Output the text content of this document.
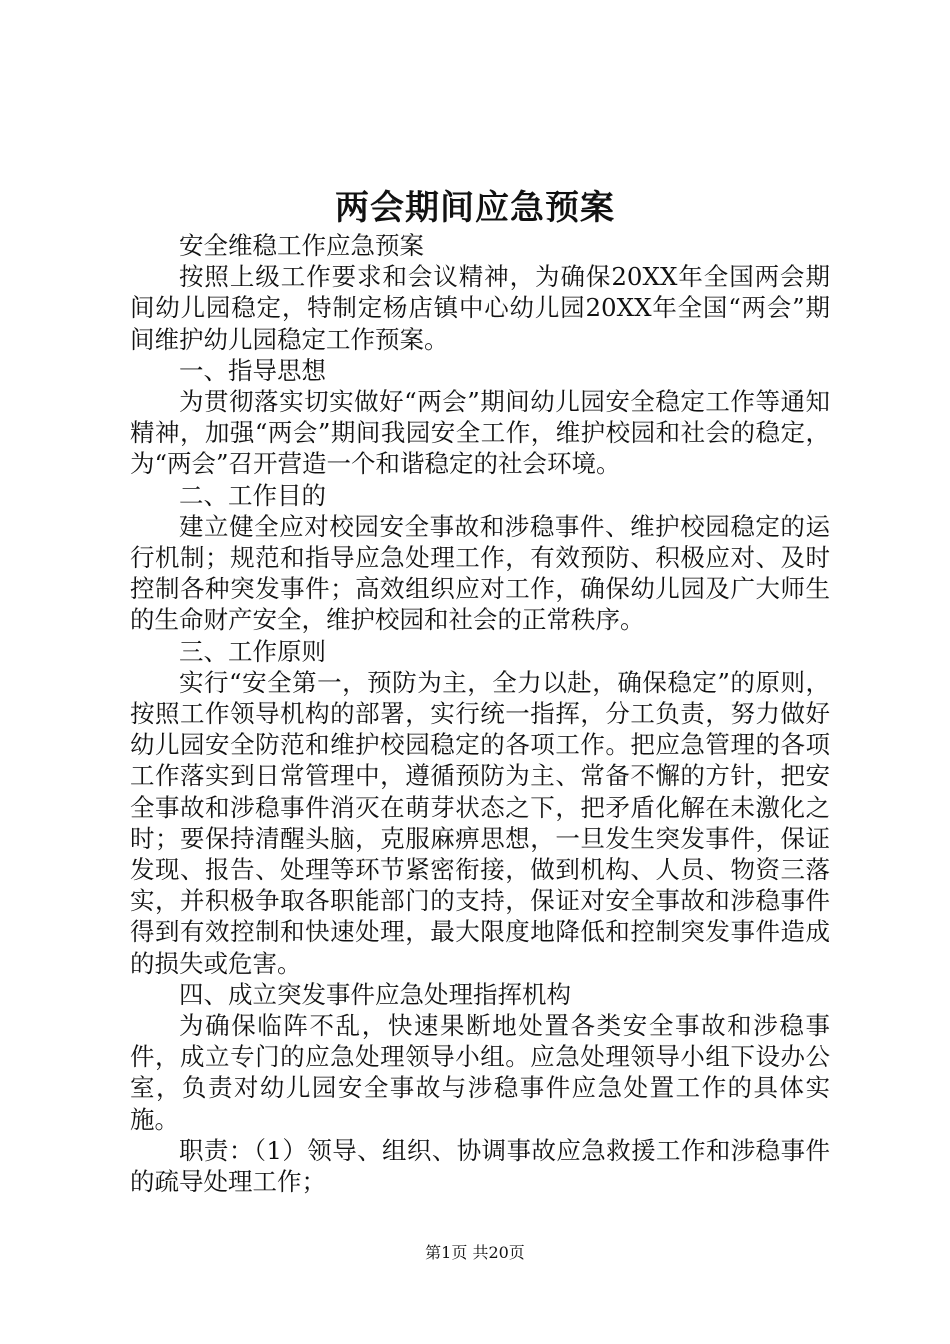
两会期间应急预案

安全维稳工作应急预案

按照上级工作要求和会议精神，为确保20XX年全国两会期间幼儿园稳定，特制定杨店镇中心幼儿园20XX年全国“两会”期间维护幼儿园稳定工作预案。

一、指导思想

为贯彻落实切实做好“两会”期间幼儿园安全稳定工作等通知精神，加强“两会”期间我园安全工作，维护校园和社会的稳定，为“两会”召开营造一个和谐稳定的社会环境。

二、工作目的

建立健全应对校园安全事故和涉稳事件、维护校园稳定的运行机制；规范和指导应急处理工作，有效预防、积极应对、及时控制各种突发事件；高效组织应对工作，确保幼儿园及广大师生的生命财产安全，维护校园和社会的正常秩序。

三、工作原则

实行“安全第一，预防为主，全力以赴，确保稳定”的原则，按照工作领导机构的部署，实行统一指挥，分工负责，努力做好幼儿园安全防范和维护校园稳定的各项工作。把应急管理的各项工作落实到日常管理中，遵循预防为主、常备不懈的方针，把安全事故和涉稳事件消灭在萌芽状态之下，把矛盾化解在未激化之时；要保持清醒头脑，克服麻痹思想，一旦发生突发事件，保证发现、报告、处理等环节紧密衔接，做到机构、人员、物资三落实，并积极争取各职能部门的支持，保证对安全事故和涉稳事件得到有效控制和快速处理，最大限度地降低和控制突发事件造成的损失或危害。

四、成立突发事件应急处理指挥机构

为确保临阵不乱，快速果断地处置各类安全事故和涉稳事件，成立专门的应急处理领导小组。应急处理领导小组下设办公室，负责对幼儿园安全事故与涉稳事件应急处置工作的具体实施。

职责：（1）领导、组织、协调事故应急救援工作和涉稳事件的疏导处理工作；

第1页 共20页
